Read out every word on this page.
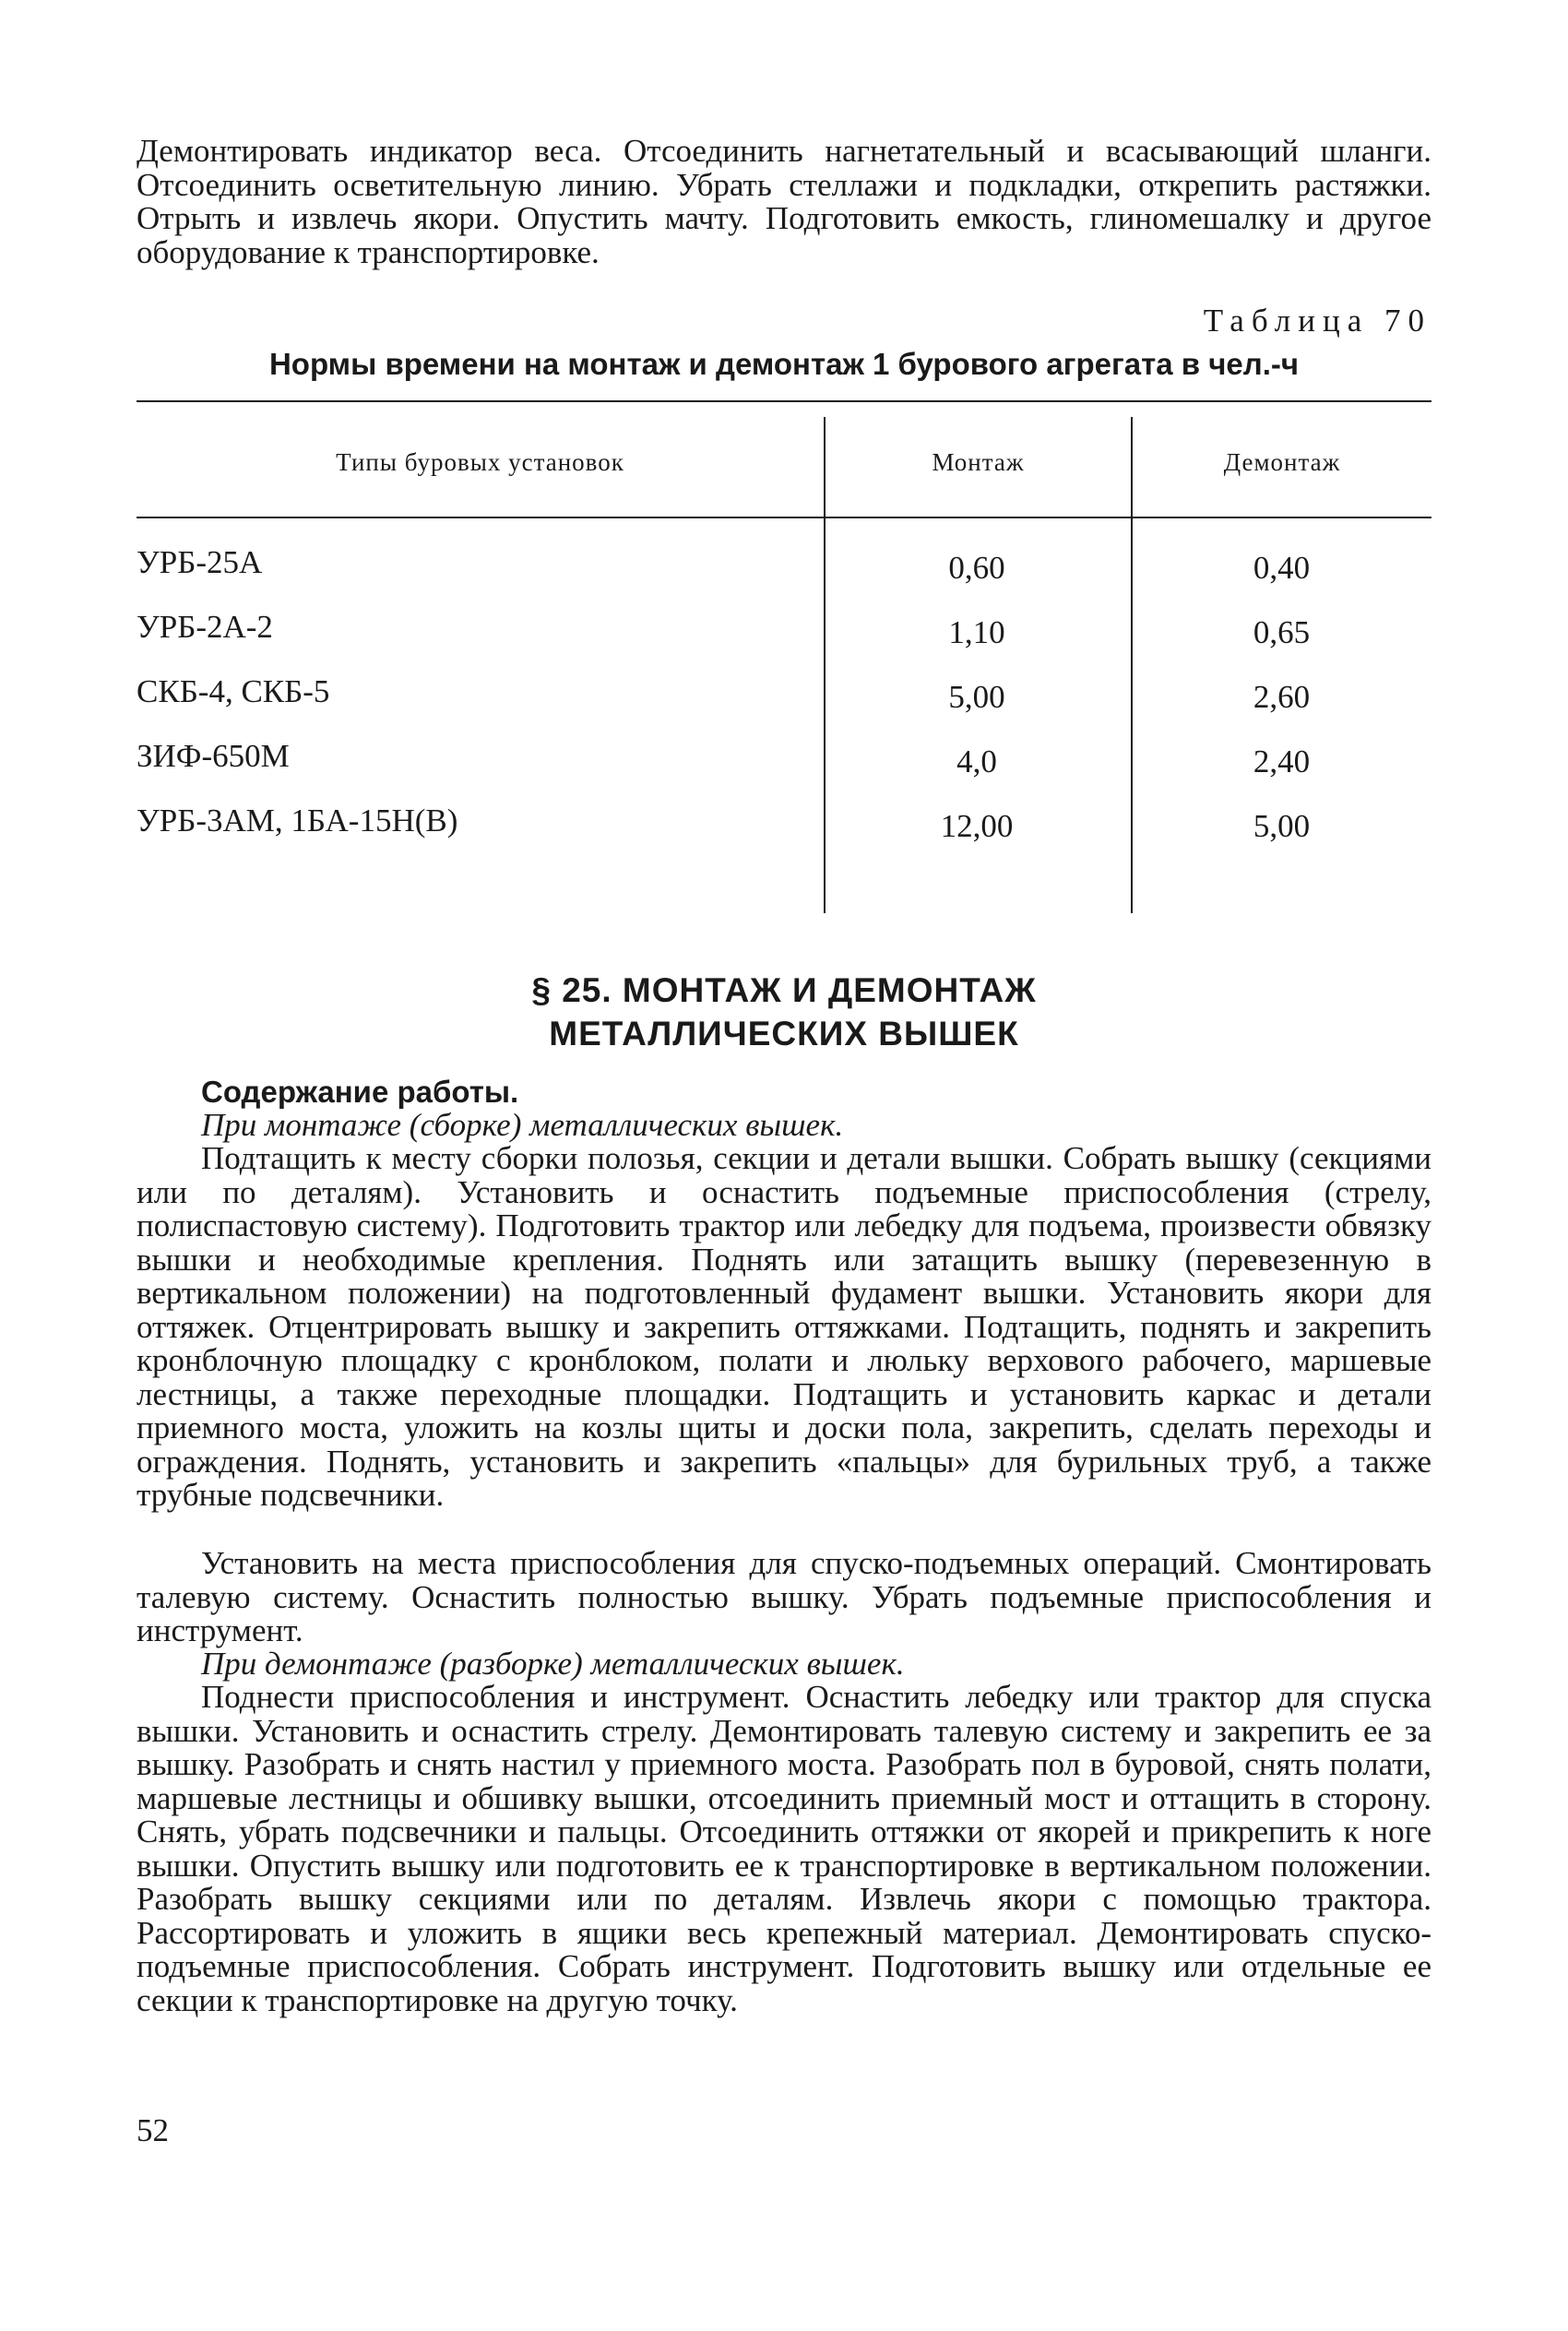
Демонтировать индикатор веса. Отсоединить нагнетательный и всасывающий шланги. Отсоединить осветительную линию. Убрать стеллажи и подкладки, открепить растяжки. Отрыть и извлечь якори. Опустить мачту. Подготовить емкость, глиномешалку и другое оборудование к транспортировке.

Таблица 70
Нормы времени на монтаж и демонтаж 1 бурового агрегата в чел.-ч
Типы буровых установок	Монтаж	Демонтаж
УРБ-25А	0,60	0,40
УРБ-2А-2	1,10	0,65
СКБ-4, СКБ-5	5,00	2,60
ЗИФ-650М	4,0	2,40
УРБ-3АМ, 1БА-15Н(В)	12,00	5,00
§ 25. МОНТАЖ И ДЕМОНТАЖ
МЕТАЛЛИЧЕСКИХ ВЫШЕК

Содержание работы.

При монтаже (сборке) металлических вышек.

Подтащить к месту сборки полозья, секции и детали вышки. Собрать вышку (секциями или по деталям). Установить и оснастить подъемные приспособления (стрелу, полиспастовую систему). Подготовить трактор или лебедку для подъема, произвести обвязку вышки и необходимые крепления. Поднять или затащить вышку (перевезенную в вертикальном положении) на подготовленный фудамент вышки. Установить якори для оттяжек. Отцентрировать вышку и закрепить оттяжками. Подтащить, поднять и закрепить кронблочную площадку с кронблоком, полати и люльку верхового рабочего, маршевые лестницы, а также переходные площадки. Подтащить и установить каркас и детали приемного моста, уложить на козлы щиты и доски пола, закрепить, сделать переходы и ограждения. Поднять, установить и закрепить «пальцы» для бурильных труб, а также трубные подсвечники.

Установить на места приспособления для спуско-подъемных операций. Смонтировать талевую систему. Оснастить полностью вышку. Убрать подъемные приспособления и инструмент.

При демонтаже (разборке) металлических вышек.

Поднести приспособления и инструмент. Оснастить лебедку или трактор для спуска вышки. Установить и оснастить стрелу. Демонтировать талевую систему и закрепить ее за вышку. Разобрать и снять настил у приемного моста. Разобрать пол в буровой, снять полати, маршевые лестницы и обшивку вышки, отсоединить приемный мост и оттащить в сторону. Снять, убрать подсвечники и пальцы. Отсоединить оттяжки от якорей и прикрепить к ноге вышки. Опустить вышку или подготовить ее к транспортировке в вертикальном положении. Разобрать вышку секциями или по деталям. Извлечь якори с помощью трактора. Рассортировать и уложить в ящики весь крепежный материал. Демонтировать спуско-подъемные приспособления. Собрать инструмент. Подготовить вышку или отдельные ее секции к транспортировке на другую точку.

52
